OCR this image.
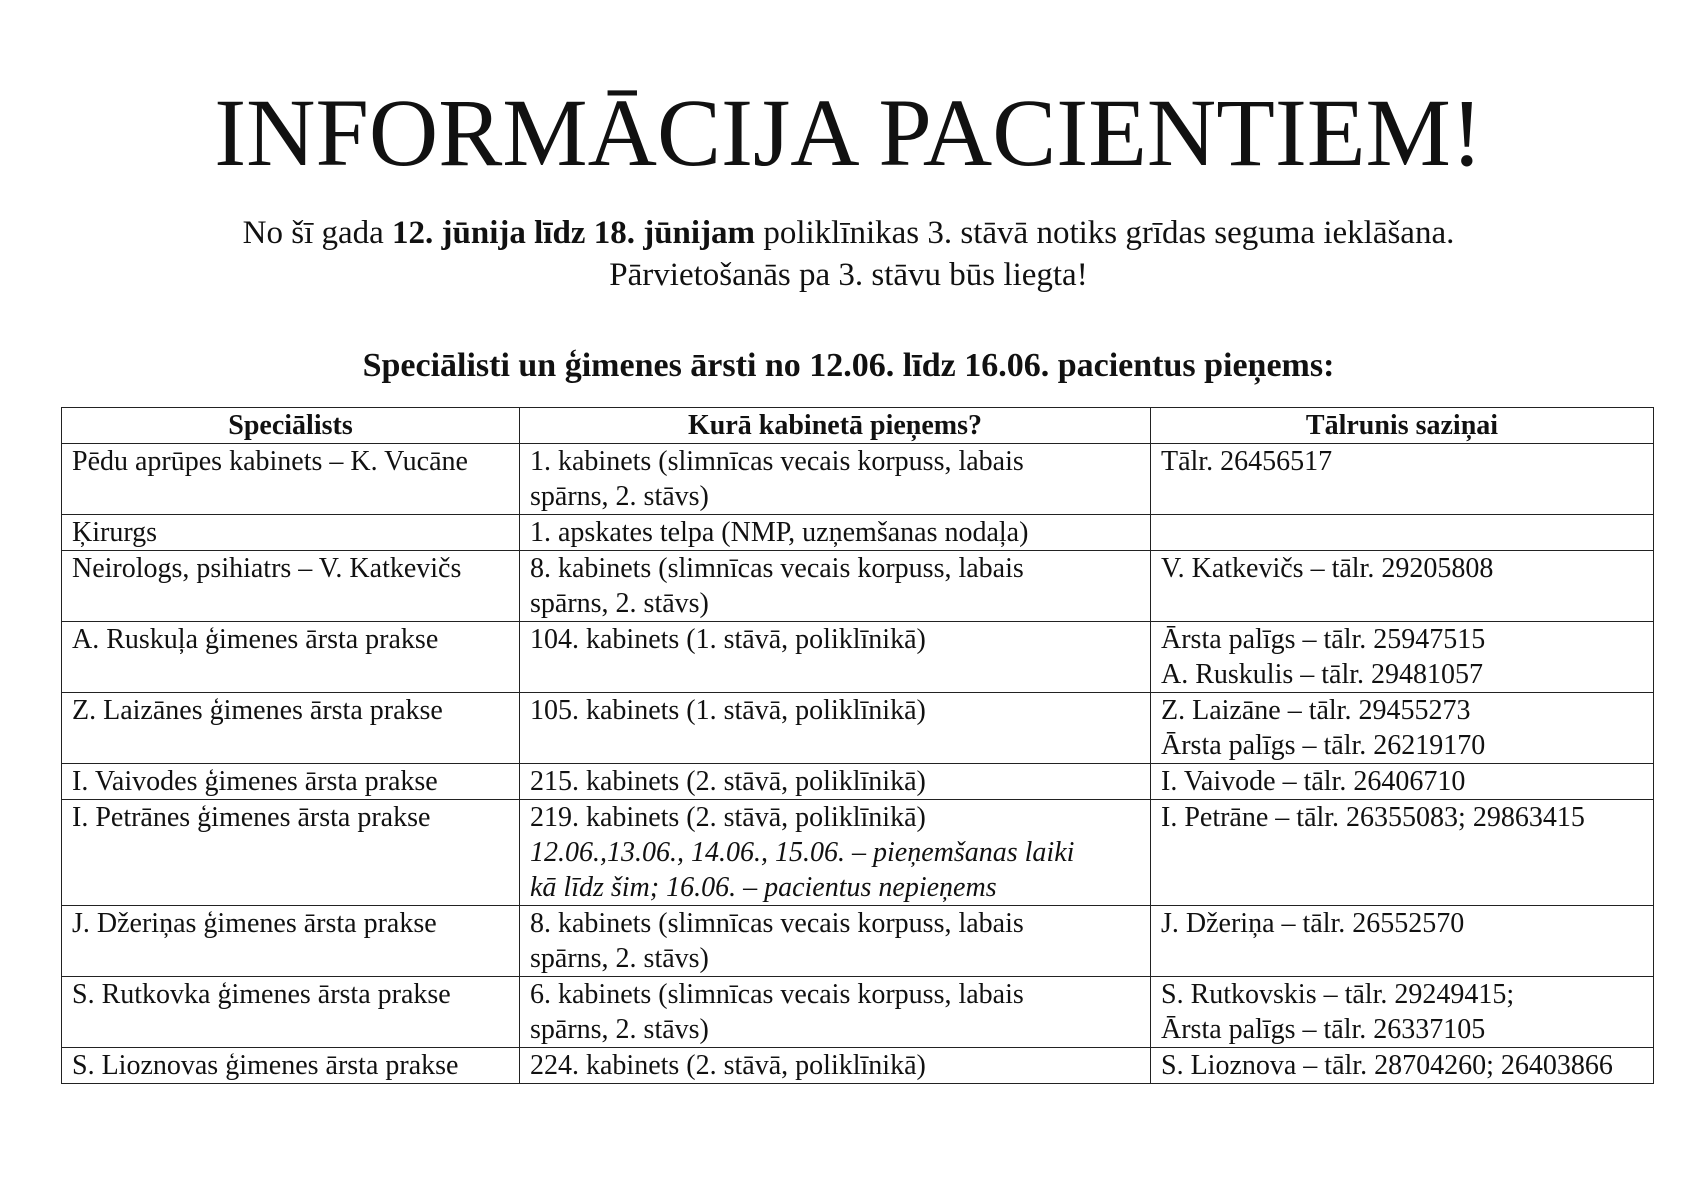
INFORMĀCIJA PACIENTIEM!
No šī gada 12. jūnija līdz 18. jūnijam poliklīnikas 3. stāvā notiks grīdas seguma ieklāšana.
Pārvietošanās pa 3. stāvu būs liegta!
Speciālisti un ģimenes ārsti no 12.06. līdz 16.06. pacientus pieņems:
Speciālists	Kurā kabinetā pieņems?	Tālrunis saziņai

Pēdu aprūpes kabinets – K. Vucāne	1. kabinets (slimnīcas vecais korpuss, labais
spārns, 2. stāvs)	Tālr. 26456517

Ķirurgs	1. apskates telpa (NMP, uzņemšanas nodaļa)	

Neirologs, psihiatrs – V. Katkevičs	8. kabinets (slimnīcas vecais korpuss, labais
spārns, 2. stāvs)	V. Katkevičs – tālr. 29205808

A. Ruskuļa ģimenes ārsta prakse	104. kabinets (1. stāvā, poliklīnikā)	Ārsta palīgs – tālr. 25947515
A. Ruskulis – tālr. 29481057

Z. Laizānes ģimenes ārsta prakse	105. kabinets (1. stāvā, poliklīnikā)	Z. Laizāne – tālr. 29455273
Ārsta palīgs – tālr. 26219170

I. Vaivodes ģimenes ārsta prakse	215. kabinets (2. stāvā, poliklīnikā)	I. Vaivode – tālr. 26406710

I. Petrānes ģimenes ārsta prakse	219. kabinets (2. stāvā, poliklīnikā)
12.06.,13.06., 14.06., 15.06. – pieņemšanas laiki
kā līdz šim; 16.06. – pacientus nepieņems	I. Petrāne – tālr. 26355083; 29863415

J. Džeriņas ģimenes ārsta prakse	8. kabinets (slimnīcas vecais korpuss, labais
spārns, 2. stāvs)	J. Džeriņa – tālr. 26552570

S. Rutkovka ģimenes ārsta prakse	6. kabinets (slimnīcas vecais korpuss, labais
spārns, 2. stāvs)	S. Rutkovskis – tālr. 29249415;
Ārsta palīgs – tālr. 26337105

S. Lioznovas ģimenes ārsta prakse	224. kabinets (2. stāvā, poliklīnikā)	S. Lioznova – tālr. 28704260; 26403866
